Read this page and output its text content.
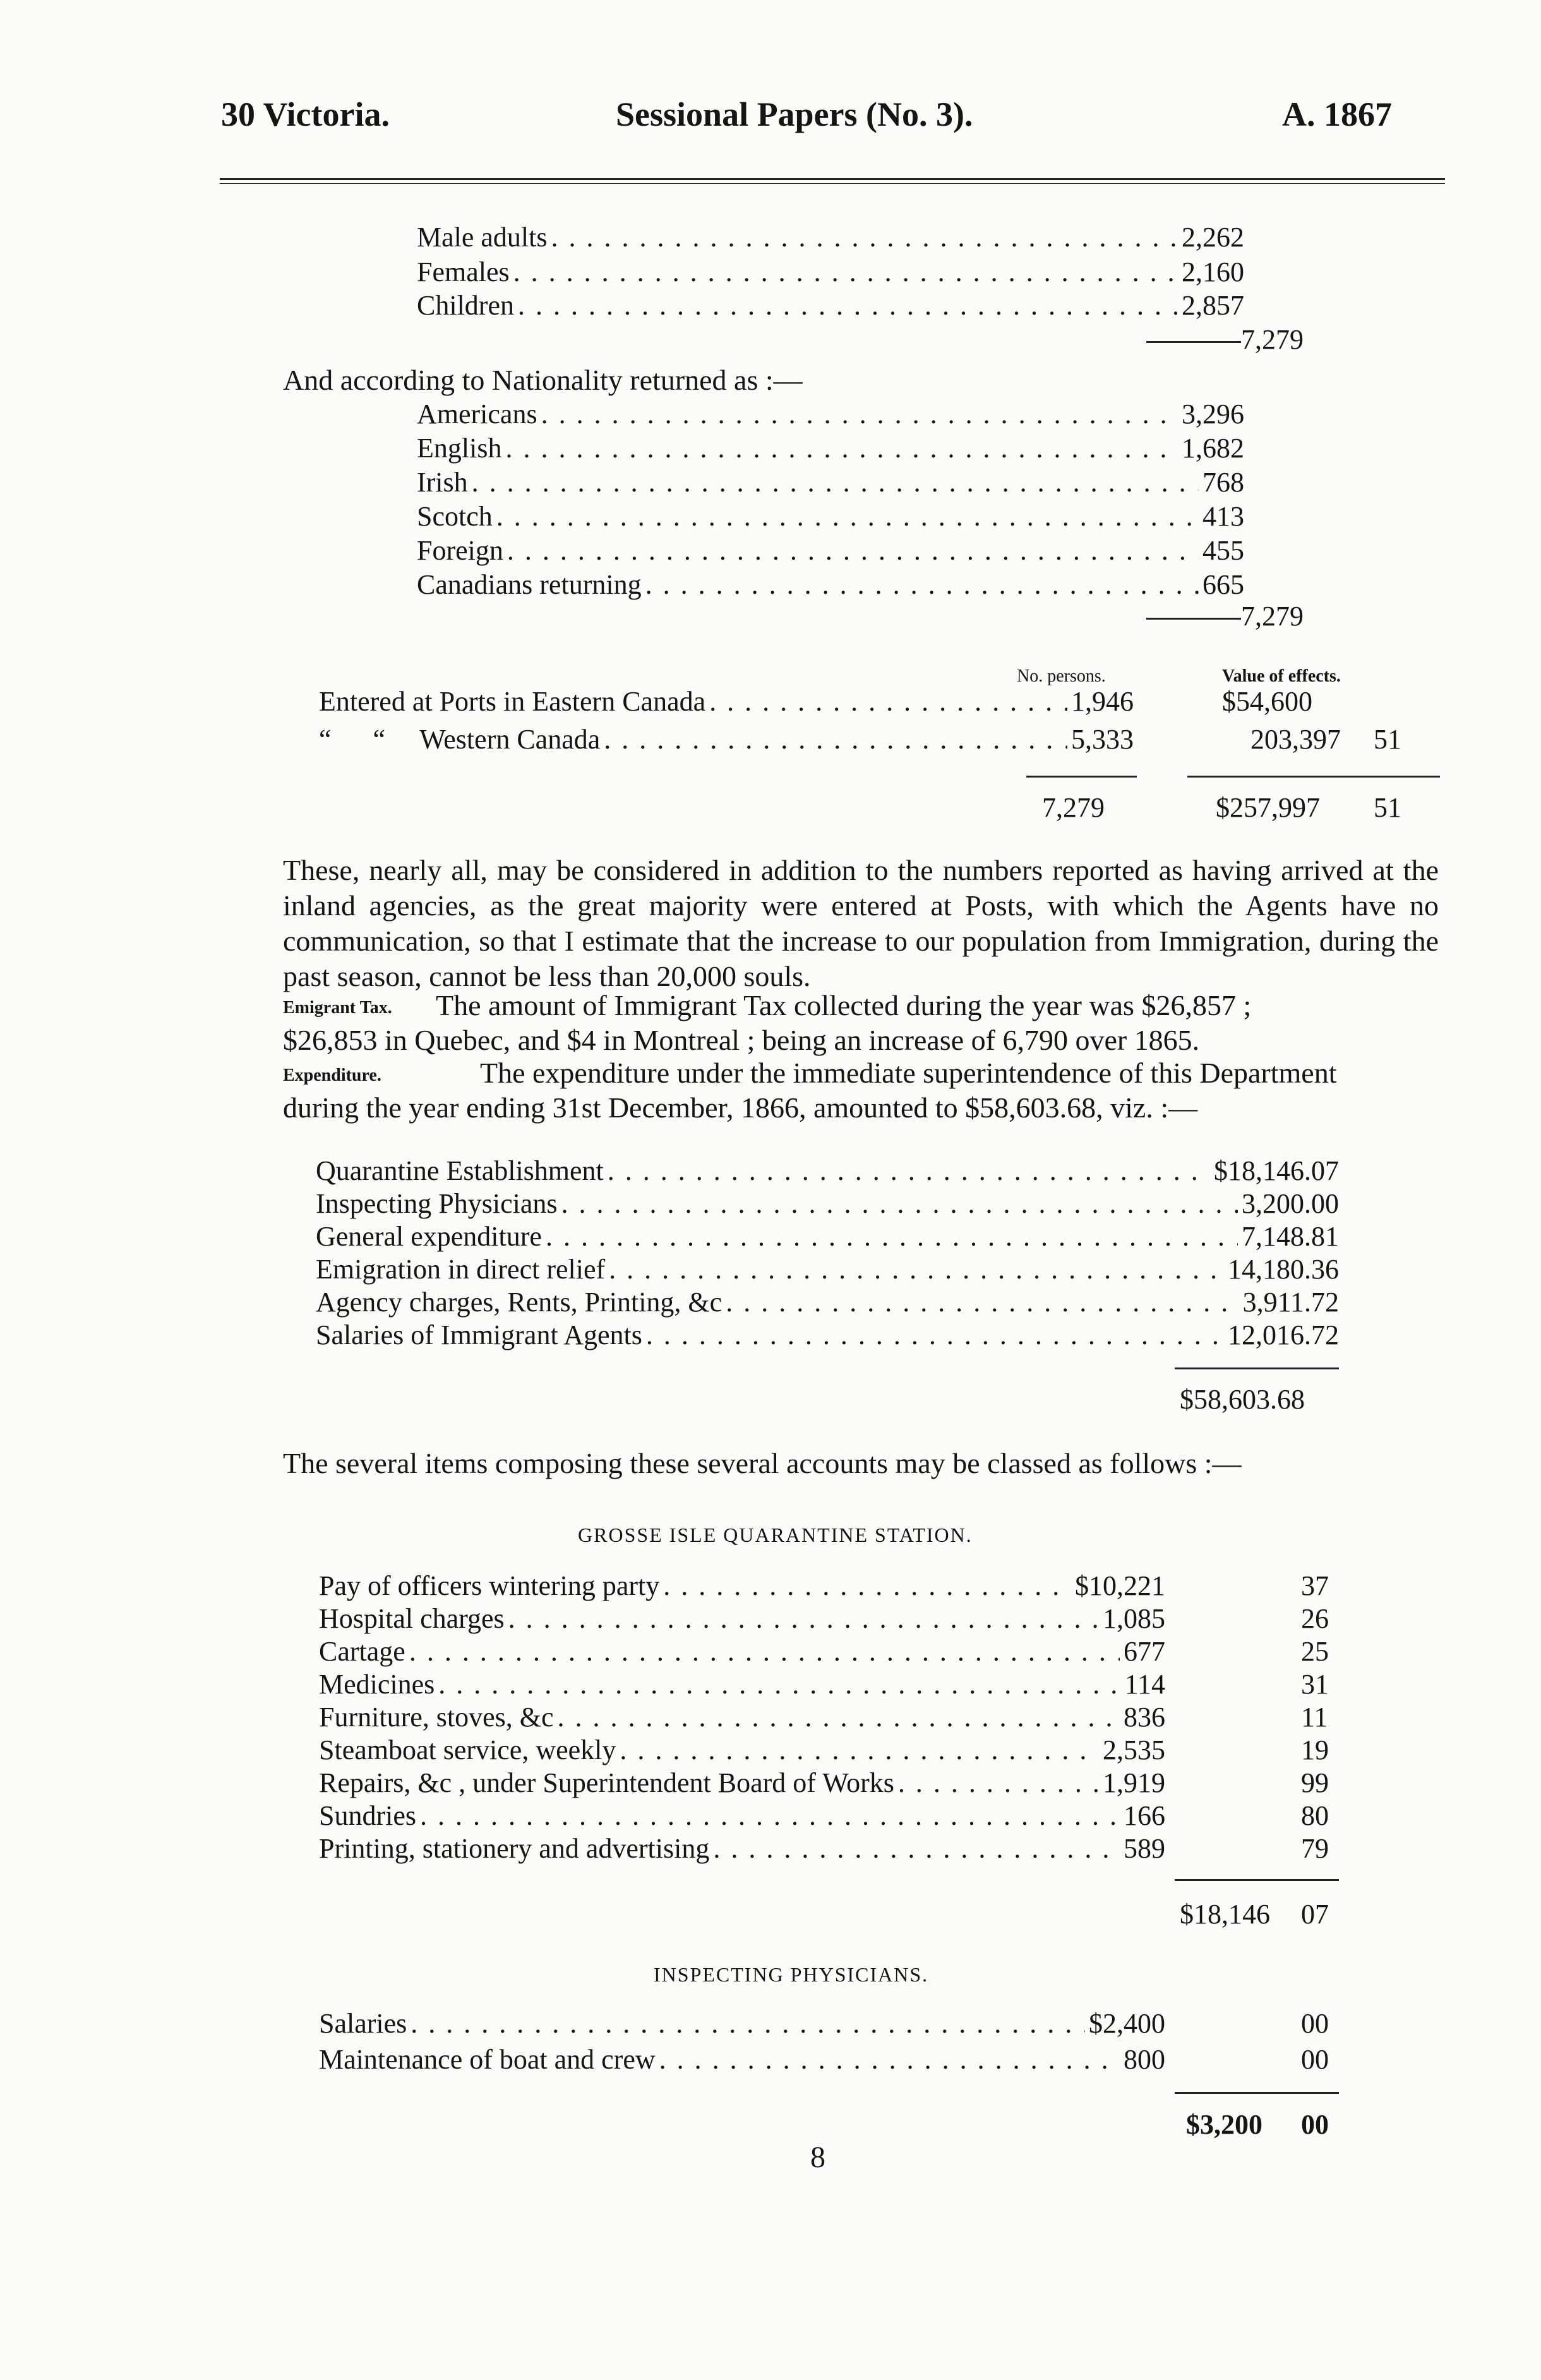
30 Victoria.	Sessional Papers (No. 3).	A. 1867
Male adults . . .	2,262
Females . . .	2,160
Children . . .	2,857
7,279
And according to Nationality returned as :—
Americans . . .	3,296
English . . .	1,682
Irish . . .	768
Scotch . . .	413
Foreign . . .	455
Canadians returning . . .	665
7,279
No. persons.	Value of effects.
Entered at Ports in Eastern Canada . . .	1,946	$54,600
“      “     Western Canada . . .	5,333	203,397 51
7,279	$257,997 51
These, nearly all, may be considered in addition to the numbers reported as having arrived at the inland agencies, as the great majority were entered at Posts, with which the Agents have no communication, so that I estimate that the increase to our population from Immigration, during the past season, cannot be less than 20,000 souls.
Emigrant Tax. The amount of Immigrant Tax collected during the year was $26,857 ;
$26,853 in Quebec, and $4 in Montreal ; being an increase of 6,790 over 1865.
Expenditure.	The expenditure under the immediate superintendence of this Department
during the year ending 31st December, 1866, amounted to $58,603.68, viz. :—
Quarantine Establishment . . .	$18,146.07
Inspecting Physicians . . .	3,200.00
General expenditure . . .	7,148.81
Emigration in direct relief . . .	14,180.36
Agency charges, Rents, Printing, &c . . .	3,911.72
Salaries of Immigrant Agents . . .	12,016.72
$58,603.68
The several items composing these several accounts may be classed as follows :—
GROSSE ISLE QUARANTINE STATION.
Pay of officers wintering party . . .	$10,221	37
Hospital charges . . .	1,085	26
Cartage . . .	677	25
Medicines . . .	114	31
Furniture, stoves, &c . . .	836	11
Steamboat service, weekly . . .	2,535	19
Repairs, &c , under Superintendent Board of Works . . .	1,919	99
Sundries . . .	166	80
Printing, stationery and advertising . . .	589	79
$18,146 07
INSPECTING PHYSICIANS.
Salaries . . .	$2,400	00
Maintenance of boat and crew . . .	800	00
$3,200 00
8
